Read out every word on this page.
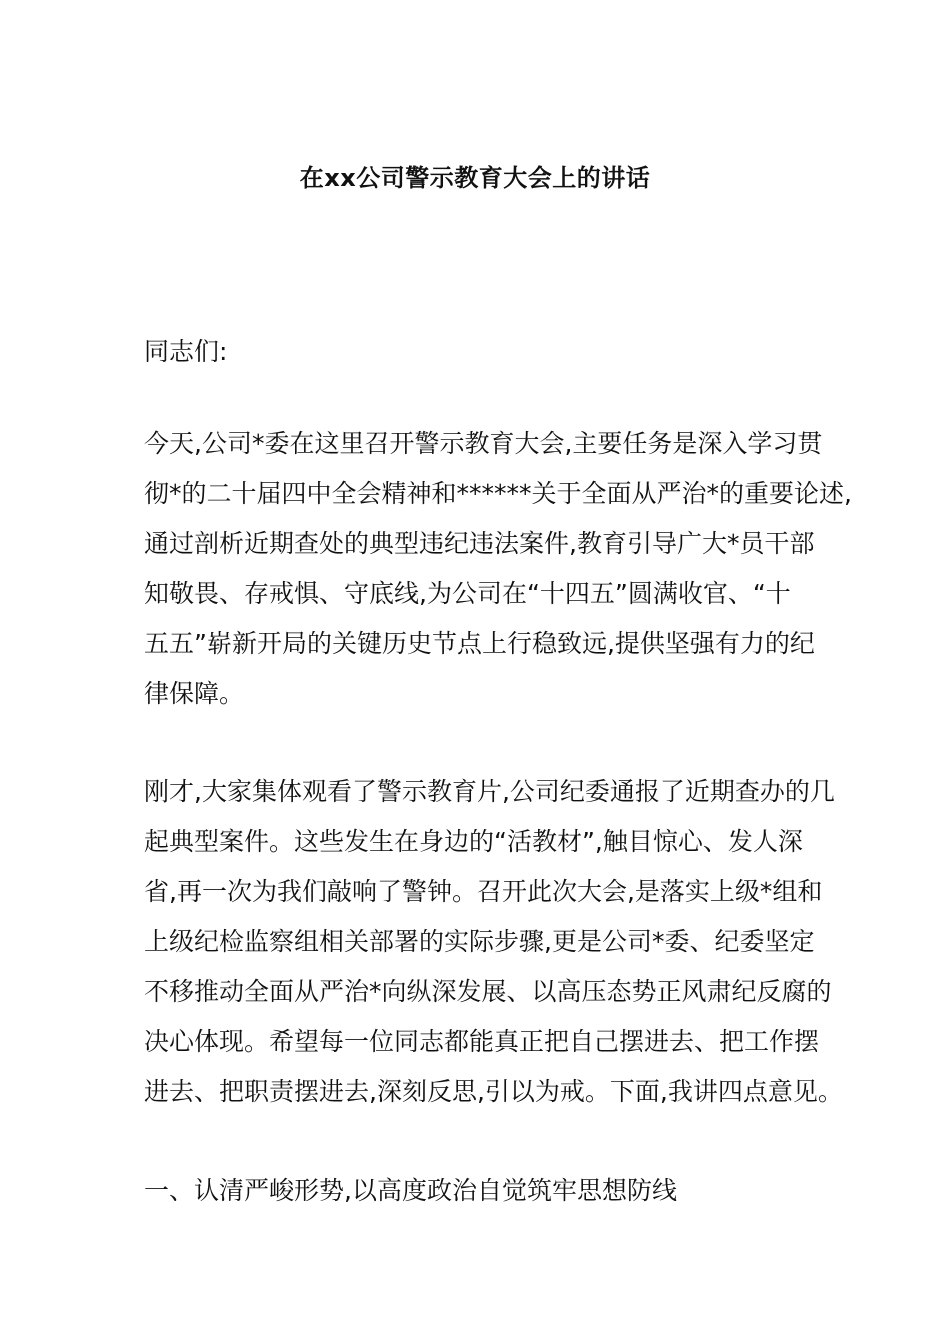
在xx公司警示教育大会上的讲话
同志们:
今天,公司*委在这里召开警示教育大会,主要任务是深入学习贯
彻*的二十届四中全会精神和******关于全面从严治*的重要论述,
通过剖析近期查处的典型违纪违法案件,教育引导广大*员干部
知敬畏、存戒惧、守底线,为公司在“十四五”圆满收官、“十
五五”崭新开局的关键历史节点上行稳致远,提供坚强有力的纪
律保障。
刚才,大家集体观看了警示教育片,公司纪委通报了近期查办的几
起典型案件。这些发生在身边的“活教材”,触目惊心、发人深
省,再一次为我们敲响了警钟。召开此次大会,是落实上级*组和
上级纪检监察组相关部署的实际步骤,更是公司*委、纪委坚定
不移推动全面从严治*向纵深发展、以高压态势正风肃纪反腐的
决心体现。希望每一位同志都能真正把自己摆进去、把工作摆
进去、把职责摆进去,深刻反思,引以为戒。下面,我讲四点意见。
一、认清严峻形势,以高度政治自觉筑牢思想防线
